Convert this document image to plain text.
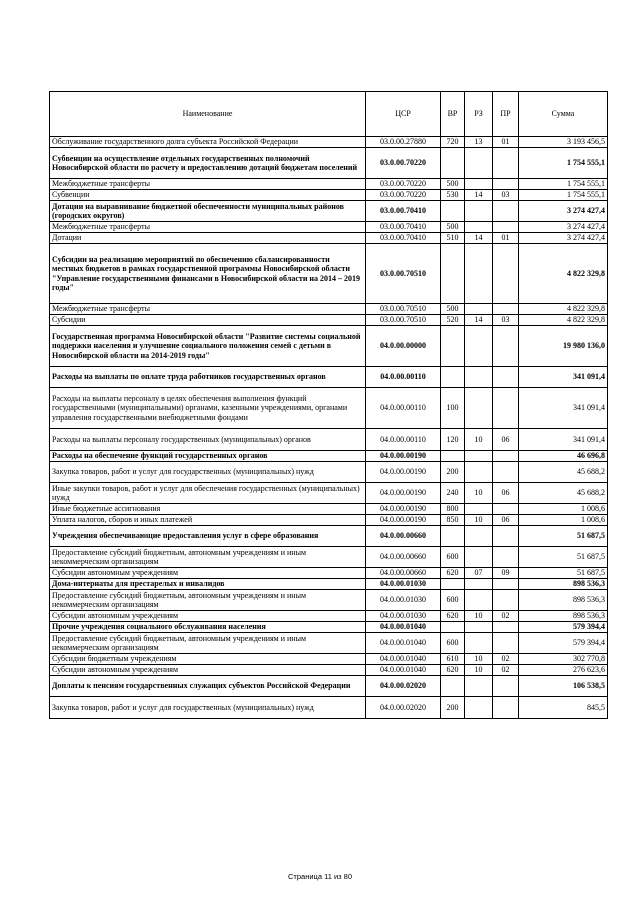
Наименование	ЦСР	ВР	РЗ	ПР	Сумма
Обслуживание государственного долга субъекта Российской Федерации	03.0.00.27880	720	13	01	3 193 456,5
Субвенции на осуществление отдельных государственных полномочий Новосибирской области по расчету и предоставлению дотаций бюджетам поселений	03.0.00.70220				1 754 555,1
Межбюджетные трансферты	03.0.00.70220	500			1 754 555,1
Субвенции	03.0.00.70220	530	14	03	1 754 555,1
Дотации на выравнивание бюджетной обеспеченности муниципальных районов (городских округов)	03.0.00.70410				3 274 427,4
Межбюджетные трансферты	03.0.00.70410	500			3 274 427,4
Дотации	03.0.00.70410	510	14	01	3 274 427,4
Субсидии на реализацию мероприятий по обеспечению сбалансированности местных бюджетов в рамках государственной программы Новосибирской области "Управление государственными финансами в Новосибирской области на 2014 – 2019 годы"	03.0.00.70510				4 822 329,8
Межбюджетные трансферты	03.0.00.70510	500			4 822 329,8
Субсидии	03.0.00.70510	520	14	03	4 822 329,8
Государственная программа Новосибирской области "Развитие системы социальной поддержки населения и улучшение социального положения семей с детьми в Новосибирской области на 2014-2019 годы"	04.0.00.00000				19 980 136,0
Расходы на выплаты по оплате труда работников государственных органов	04.0.00.00110				341 091,4
Расходы на выплаты персоналу в целях обеспечения выполнения функций государственными (муниципальными) органами, казенными учреждениями, органами управления государственными внебюджетными фондами	04.0.00.00110	100			341 091,4
Расходы на выплаты персоналу государственных (муниципальных) органов	04.0.00.00110	120	10	06	341 091,4
Расходы на обеспечение функций государственных органов	04.0.00.00190				46 696,8
Закупка товаров, работ и услуг для государственных (муниципальных) нужд	04.0.00.00190	200			45 688,2
Иные закупки товаров, работ и услуг для обеспечения государственных (муниципальных) нужд	04.0.00.00190	240	10	06	45 688,2
Иные бюджетные ассигнования	04.0.00.00190	800			1 008,6
Уплата налогов, сборов и иных платежей	04.0.00.00190	850	10	06	1 008,6
Учреждения обеспечивающие предоставления услуг в сфере образования	04.0.00.00660				51 687,5
Предоставление субсидий бюджетным, автономным учреждениям и иным некоммерческим организациям	04.0.00.00660	600			51 687,5
Субсидии автономным учреждениям	04.0.00.00660	620	07	09	51 687,5
Дома-интернаты для престарелых и инвалидов	04.0.00.01030				898 536,3
Предоставление субсидий бюджетным, автономным учреждениям и иным некоммерческим организациям	04.0.00.01030	600			898 536,3
Субсидии автономным учреждениям	04.0.00.01030	620	10	02	898 536,3
Прочие учреждения социального обслуживания населения	04.0.00.01040				579 394,4
Предоставление субсидий бюджетным, автономным учреждениям и иным некоммерческим организациям	04.0.00.01040	600			579 394,4
Субсидии бюджетным учреждениям	04.0.00.01040	610	10	02	302 770,8
Субсидии автономным учреждениям	04.0.00.01040	620	10	02	276 623,6
Доплаты к пенсиям государственных служащих субъектов Российской Федерации	04.0.00.02020				106 538,5
Закупка товаров, работ и услуг для государственных (муниципальных) нужд	04.0.00.02020	200			845,5
Страница 11 из 80
